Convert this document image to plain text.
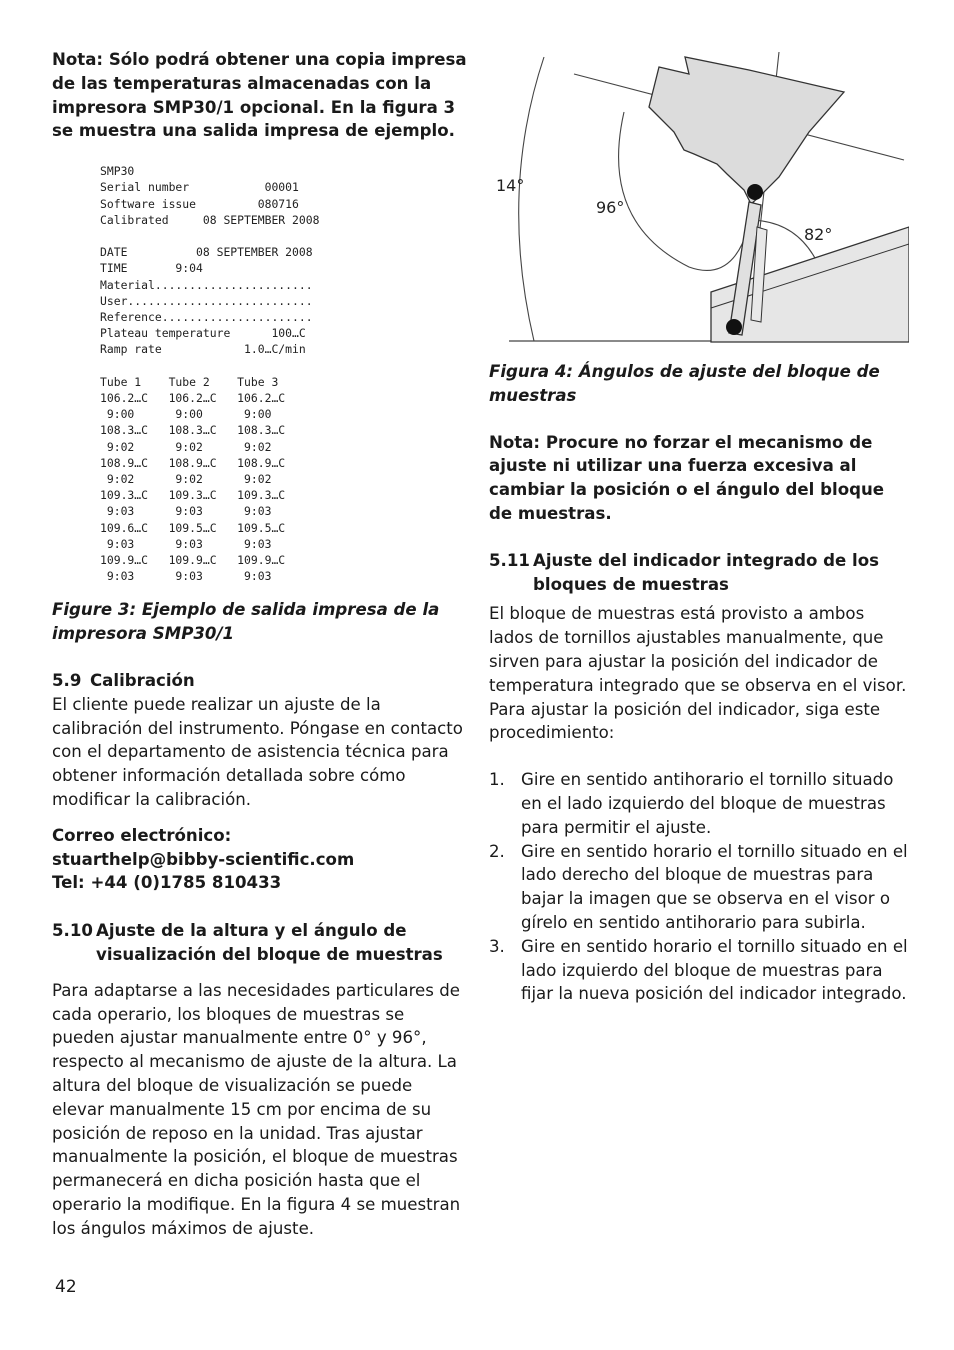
Nota: Sólo podrá obtener una copia impresa de las temperaturas almacenadas con la impresora SMP30/1 opcional. En la figura 3 se muestra una salida impresa de ejemplo.

SMP30
Serial number           00001
Software issue         080716
Calibrated     08 SEPTEMBER 2008

DATE          08 SEPTEMBER 2008
TIME       9:04
Material.......................
User...........................
Reference......................
Plateau temperature      100…C
Ramp rate            1.0…C/min

Tube 1    Tube 2    Tube 3
106.2…C   106.2…C   106.2…C
9:00      9:00      9:00
108.3…C   108.3…C   108.3…C
9:02      9:02      9:02
108.9…C   108.9…C   108.9…C
9:02      9:02      9:02
109.3…C   109.3…C   109.3…C
9:03      9:03      9:03
109.6…C   109.5…C   109.5…C
9:03      9:03      9:03
109.9…C   109.9…C   109.9…C
9:03      9:03      9:03

Figure 3: Ejemplo de salida impresa de la impresora SMP30/1

5.9 Calibración

El cliente puede realizar un ajuste de la calibración del instrumento. Póngase en contacto con el departamento de asistencia técnica para obtener información detallada sobre cómo modificar la calibración.

Correo electrónico:
stuarthelp@bibby-scientific.com
Tel: +44 (0)1785 810433
5.10 Ajuste de la altura y el ángulo de visualización del bloque de muestras

Para adaptarse a las necesidades particulares de cada operario, los bloques de muestras se pueden ajustar manualmente entre 0° y 96°, respecto al mecanismo de ajuste de la altura. La altura del bloque de visualización se puede elevar manualmente 15 cm por encima de su posición de reposo en la unidad. Tras ajustar manualmente la posición, el bloque de muestras permanecerá en dicha posición hasta que el operario la modifique. En la figura 4 se muestran los ángulos máximos de ajuste.

14°
96°
82°

Figura 4: Ángulos de ajuste del bloque de muestras

Nota: Procure no forzar el mecanismo de ajuste ni utilizar una fuerza excesiva al cambiar la posición o el ángulo del bloque de muestras.

5.11 Ajuste del indicador integrado de los bloques de muestras

El bloque de muestras está provisto a ambos lados de tornillos ajustables manualmente, que sirven para ajustar la posición del indicador de temperatura integrado que se observa en el visor. Para ajustar la posición del indicador, siga este procedimiento:

1. Gire en sentido antihorario el tornillo situado en el lado izquierdo del bloque de muestras para permitir el ajuste.
2. Gire en sentido horario el tornillo situado en el lado derecho del bloque de muestras para bajar la imagen que se observa en el visor o gírelo en sentido antihorario para subirla.
3. Gire en sentido horario el tornillo situado en el lado izquierdo del bloque de muestras para fijar la nueva posición del indicador integrado.
42
